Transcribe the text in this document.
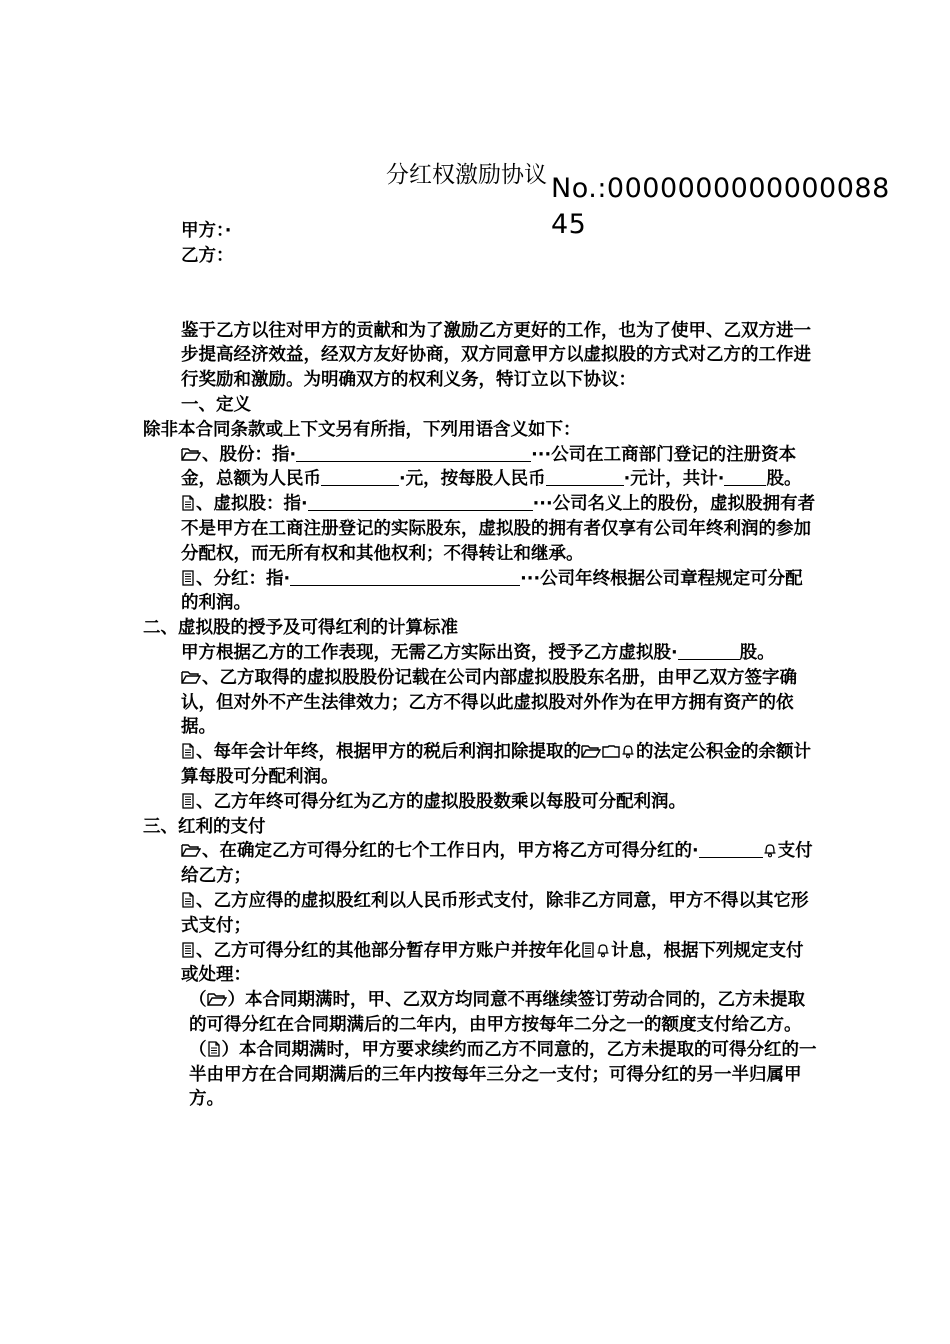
分红权激励协议 No.:000000000000008845

甲方：·

乙方：

鉴于乙方以往对甲方的贡献和为了激励乙方更好的工作，也为了使甲、乙双方进一步提高经济效益，经双方友好协商，双方同意甲方以虚拟股的方式对乙方的工作进行奖励和激励。为明确双方的权利义务，特订立以下协议：

一、定义

除非本合同条款或上下文另有所指，下列用语含义如下：

、股份：指·	···公司在工商部门登记的注册资本金，总额为人民币	·元，按每股人民币	·元计，共计· 股。

、虚拟股：指·	···公司名义上的股份，虚拟股拥有者不是甲方在工商注册登记的实际股东，虚拟股的拥有者仅享有公司年终利润的参加分配权，而无所有权和其他权利；不得转让和继承。

、分红：指·	···公司年终根据公司章程规定可分配的利润。

二、虚拟股的授予及可得红利的计算标准

甲方根据乙方的工作表现，无需乙方实际出资，授予乙方虚拟股·	股。

、乙方取得的虚拟股股份记载在公司内部虚拟股股东名册，由甲乙双方签字确认，但对外不产生法律效力；乙方不得以此虚拟股对外作为在甲方拥有资产的依据。

、每年会计年终，根据甲方的税后利润扣除提取的	的法定公积金的余额计算每股可分配利润。

、乙方年终可得分红为乙方的虚拟股股数乘以每股可分配利润。

三、红利的支付

、在确定乙方可得分红的七个工作日内，甲方将乙方可得分红的·	支付给乙方；

、乙方应得的虚拟股红利以人民币形式支付，除非乙方同意，甲方不得以其它形式支付；

、乙方可得分红的其他部分暂存甲方账户并按年化 计息，根据下列规定支付或处理：

（ ）本合同期满时，甲、乙双方均同意不再继续签订劳动合同的，乙方未提取的可得分红在合同期满后的二年内，由甲方按每年二分之一的额度支付给乙方。

（ ）本合同期满时，甲方要求续约而乙方不同意的，乙方未提取的可得分红的一半由甲方在合同期满后的三年内按每年三分之一支付；可得分红的另一半归属甲方。
